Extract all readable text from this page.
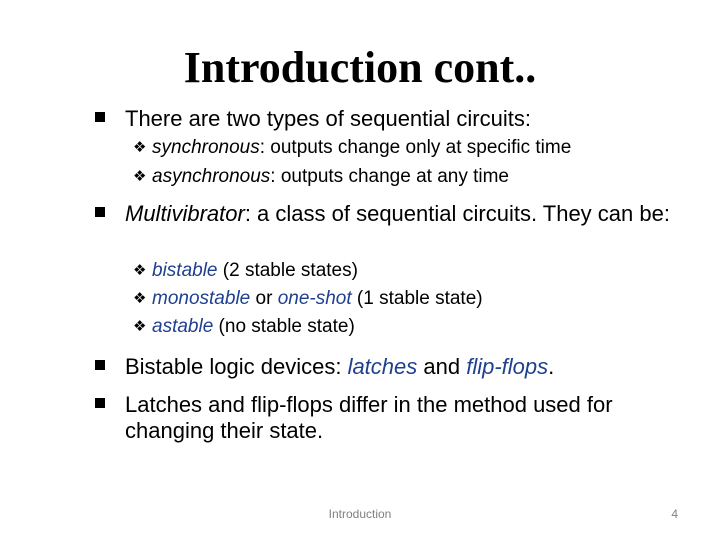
Introduction cont..
There are two types of sequential circuits:
❖ synchronous: outputs change only at specific time
❖ asynchronous: outputs change at any time
Multivibrator: a class of sequential circuits. They can be:
❖ bistable (2 stable states)
❖ monostable or one-shot (1 stable state)
❖ astable (no stable state)
Bistable logic devices: latches and flip-flops.
Latches and flip-flops differ in the method used for changing their state.
Introduction	4
